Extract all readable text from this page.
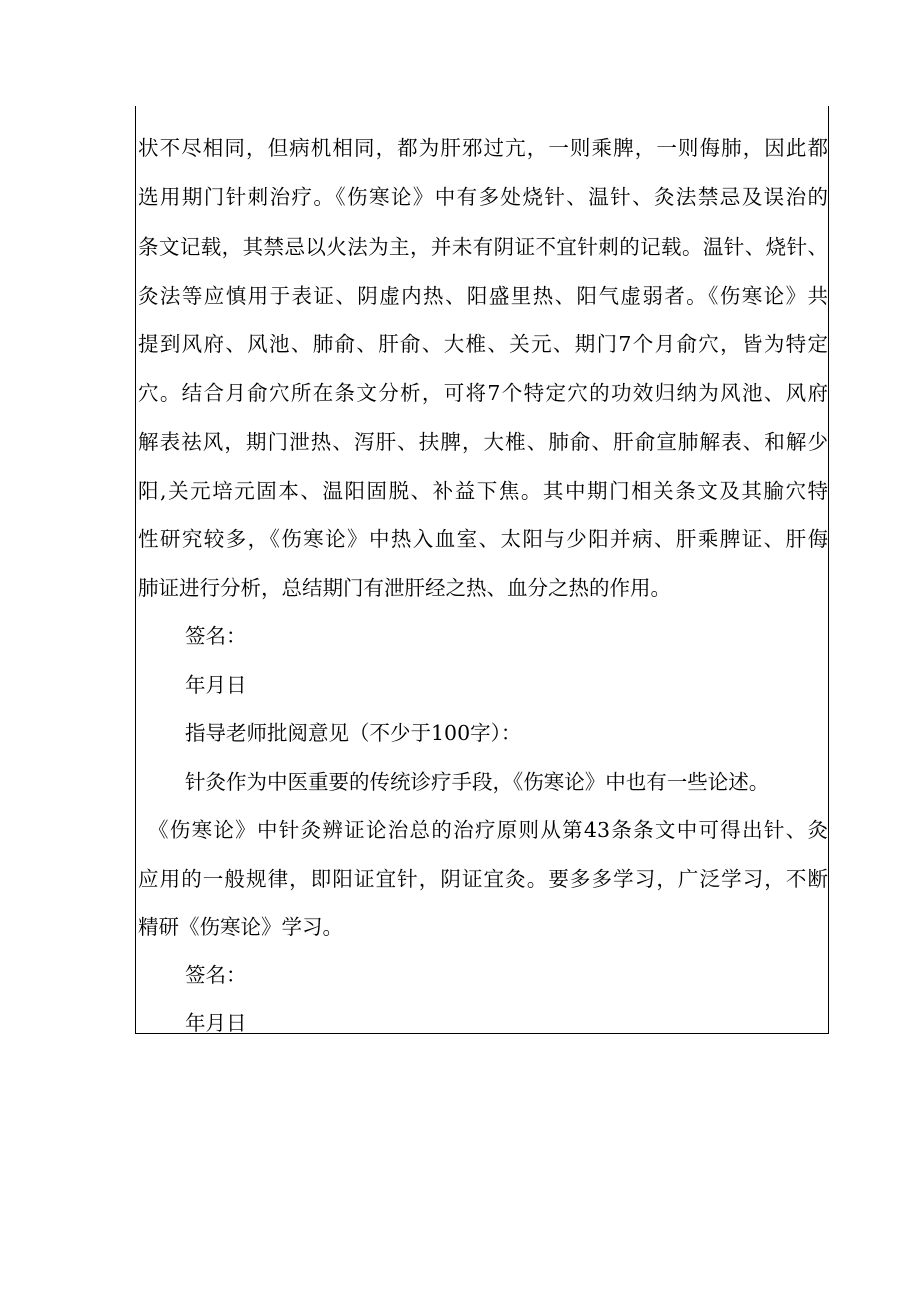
状不尽相同，但病机相同，都为肝邪过亢，一则乘脾，一则侮肺，因此都
选用期门针刺治疗。《伤寒论》中有多处烧针、温针、灸法禁忌及误治的
条文记载，其禁忌以火法为主，并未有阴证不宜针刺的记载。温针、烧针、
灸法等应慎用于表证、阴虚内热、阳盛里热、阳气虚弱者。《伤寒论》共
提到风府、风池、肺俞、肝俞、大椎、关元、期门7个月俞穴，皆为特定
穴。结合月俞穴所在条文分析，可将7个特定穴的功效归纳为风池、风府
解表祛风，期门泄热、泻肝、扶脾，大椎、肺俞、肝俞宣肺解表、和解少
阳,关元培元固本、温阳固脱、补益下焦。其中期门相关条文及其腧穴特
性研究较多，《伤寒论》中热入血室、太阳与少阳并病、肝乘脾证、肝侮
肺证进行分析，总结期门有泄肝经之热、血分之热的作用。
签名：
年月日
指导老师批阅意见（不少于100字）：
针灸作为中医重要的传统诊疗手段，《伤寒论》中也有一些论述。
《伤寒论》中针灸辨证论治总的治疗原则从第43条条文中可得出针、灸
应用的一般规律，即阳证宜针，阴证宜灸。要多多学习，广泛学习，不断
精研《伤寒论》学习。
签名：
年月日
